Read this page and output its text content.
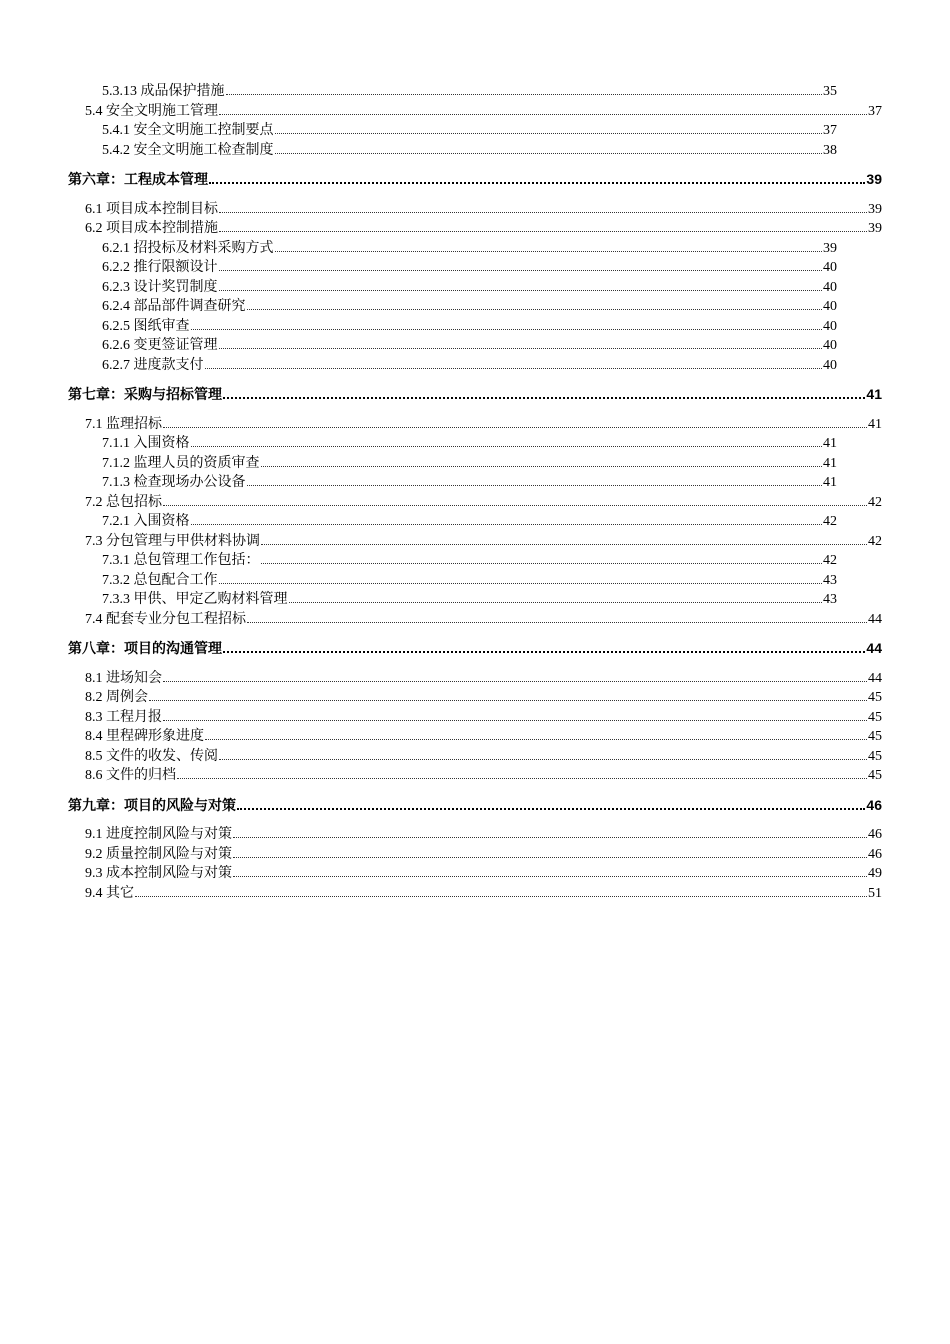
5.3.13 成品保护措施	35
5.4 安全文明施工管理	37
5.4.1 安全文明施工控制要点	37
5.4.2 安全文明施工检查制度	38
第六章：工程成本管理	39
6.1 项目成本控制目标	39
6.2 项目成本控制措施	39
6.2.1 招投标及材料采购方式	39
6.2.2 推行限额设计	40
6.2.3 设计奖罚制度	40
6.2.4 部品部件调查研究	40
6.2.5 图纸审查	40
6.2.6 变更签证管理	40
6.2.7 进度款支付	40
第七章：采购与招标管理	41
7.1 监理招标	41
7.1.1 入围资格	41
7.1.2 监理人员的资质审查	41
7.1.3 检查现场办公设备	41
7.2 总包招标	42
7.2.1 入围资格	42
7.3 分包管理与甲供材料协调	42
7.3.1 总包管理工作包括：	42
7.3.2 总包配合工作	43
7.3.3 甲供、甲定乙购材料管理	43
7.4 配套专业分包工程招标	44
第八章：项目的沟通管理	44
8.1 进场知会	44
8.2 周例会	45
8.3 工程月报	45
8.4 里程碑形象进度	45
8.5 文件的收发、传阅	45
8.6 文件的归档	45
第九章：项目的风险与对策	46
9.1 进度控制风险与对策	46
9.2 质量控制风险与对策	46
9.3 成本控制风险与对策	49
9.4 其它	51
